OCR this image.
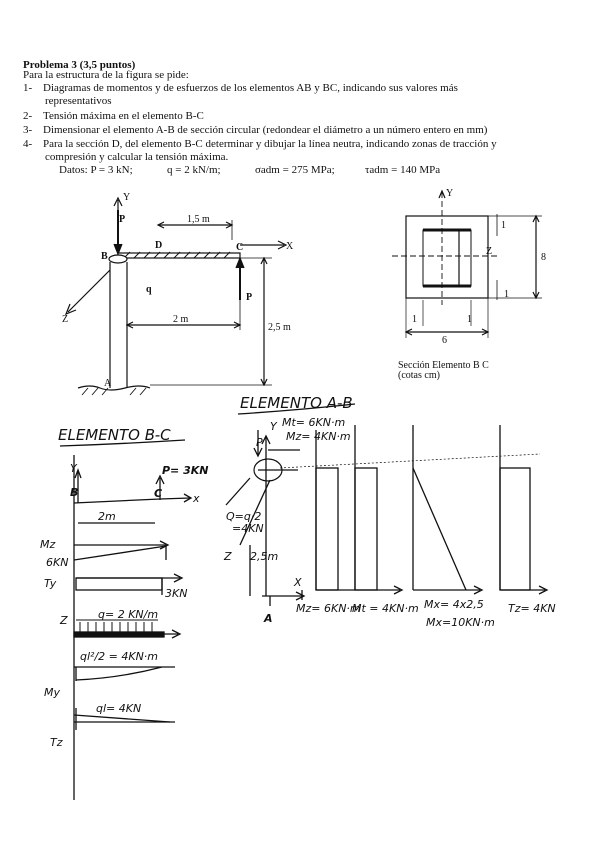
Problema 3 (3,5 puntos)
Para la estructura de la figura se pide:
1- Diagramas de momentos y de esfuerzos de los elementos AB y BC, indicando sus valores más
representativos
2- Tensión máxima en el elemento B-C
3- Dimensionar el elemento A-B de sección circular (redondear el diámetro a un número entero en mm)
4- Para la sección D, del elemento B-C determinar y dibujar la línea neutra, indicando zonas de tracción y
compresión y calcular la tensión máxima.
Datos: P = 3 kN;	q = 2 kN/m;	σadm = 275 MPa;	τadm = 140 MPa
Y
P
B
D	C	X
q
P
Z
A
1,5 m
2 m
2,5 m
Y
Z
8
1
1
1	1
6
Sección Elemento B C
(cotas cm)
ELEMENTO B-C
Y
B	C	x
P= 3KN
2m
Mz
6KN
Ty
3KN
Z	q= 2 KN/m
ql²/2 = 4KN·m
My
ql= 4KN
Tz
ELEMENTO A-B
P
Y Mt= 6KN·m
Mz= 4KN·m
Q=q·2
=4KN
Z 2,5m
X
A
Mz= 6KN·m
Mt = 4KN·m Mx= 4x2,5
Mx=10KN·m
Tz= 4KN
